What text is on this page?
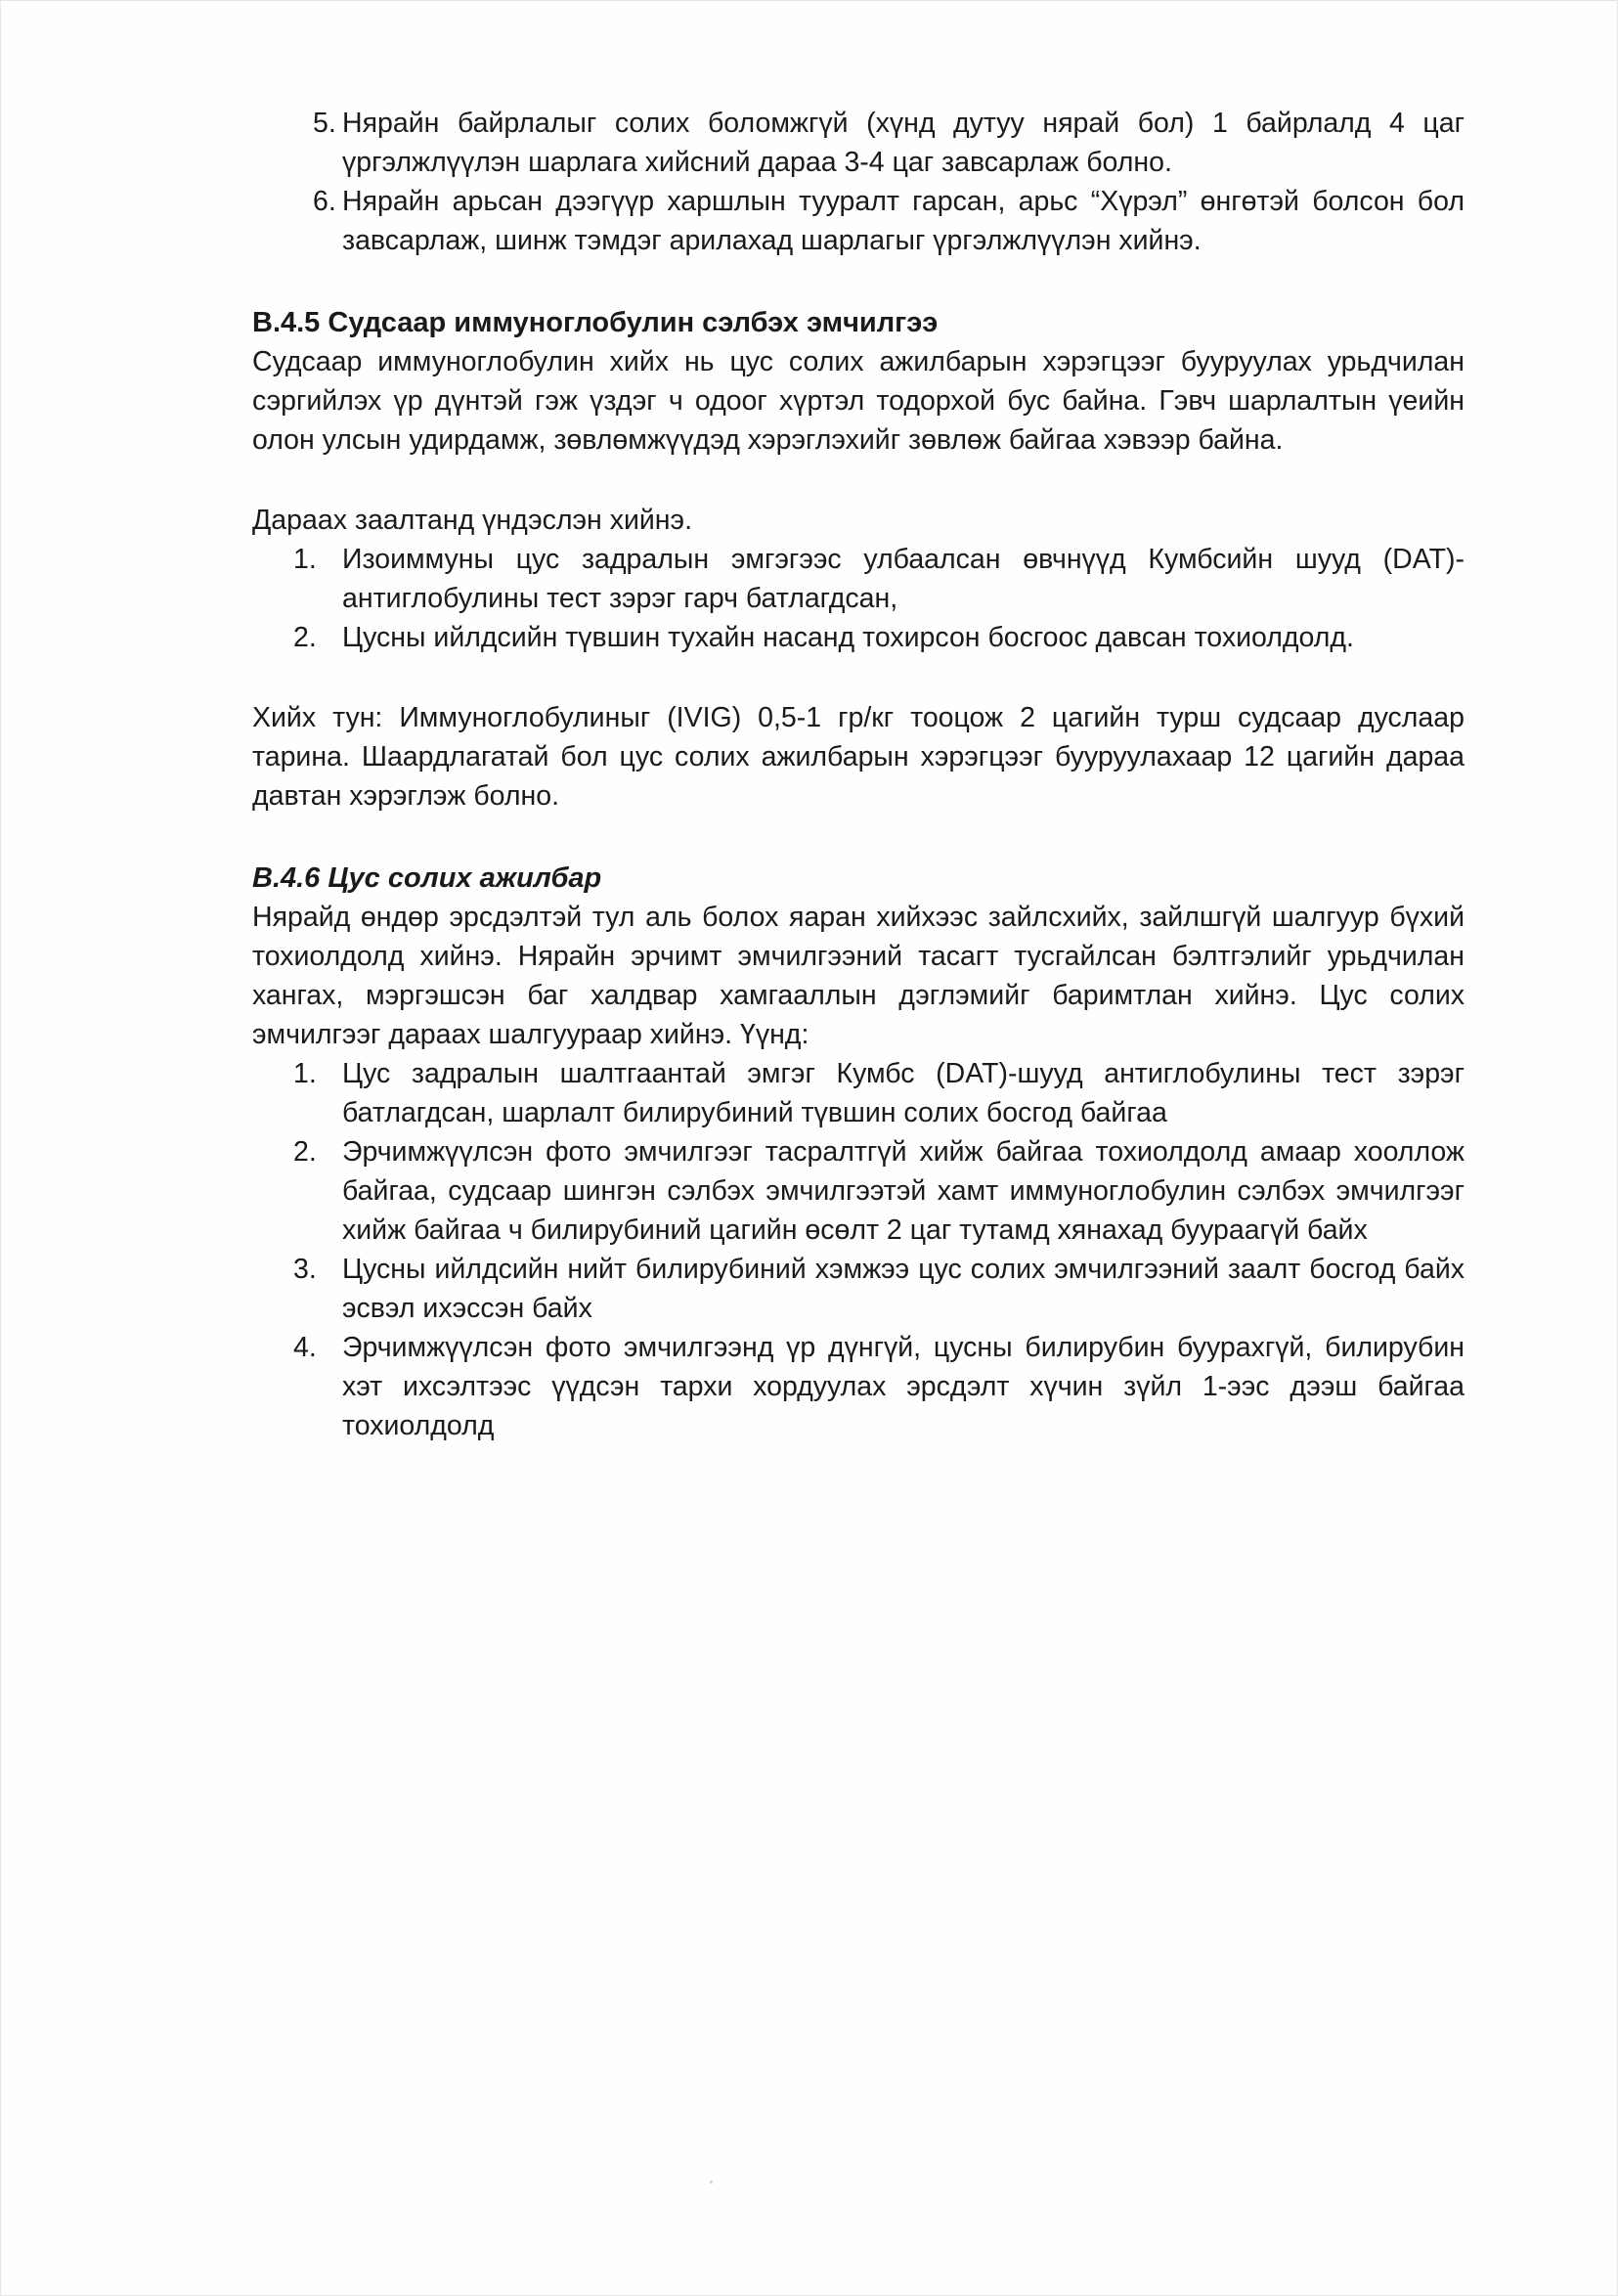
5. Нярайн байрлалыг солих боломжгүй (хүнд дутуу нярай бол) 1 байрлалд 4 цаг үргэлжлүүлэн шарлага хийсний дараа 3-4 цаг завсарлаж болно.
6. Нярайн арьсан дээгүүр харшлын тууралт гарсан, арьс “Хүрэл” өнгөтэй болсон бол завсарлаж, шинж тэмдэг арилахад шарлагыг үргэлжлүүлэн хийнэ.
B.4.5 Судсаар иммуноглобулин сэлбэх эмчилгээ

Судсаар иммуноглобулин хийх нь цус солих ажилбарын хэрэгцээг бууруулах урьдчилан сэргийлэх үр дүнтэй гэж үздэг ч одоог хүртэл тодорхой бус байна. Гэвч шарлалтын үеийн олон улсын удирдамж, зөвлөмжүүдэд хэрэглэхийг зөвлөж байгаа хэвээр байна.

Дараах заалтанд үндэслэн хийнэ.

1. Изоиммуны цус задралын эмгэгээс улбаалсан өвчнүүд Кумбсийн шууд (DAT)-антиглобулины тест зэрэг гарч батлагдсан,
2. Цусны ийлдсийн түвшин тухайн насанд тохирсон босгоос давсан тохиолдолд.

Хийх тун: Иммуноглобулиныг (IVIG) 0,5-1 гр/кг тооцож 2 цагийн турш судсаар дуслаар тарина. Шаардлагатай бол цус солих ажилбарын хэрэгцээг бууруулахаар 12 цагийн дараа давтан хэрэглэж болно.

B.4.6 Цус солих ажилбар

Нярайд өндөр эрсдэлтэй тул аль болох яаран хийхээс зайлсхийх, зайлшгүй шалгуур бүхий тохиолдолд хийнэ. Нярайн эрчимт эмчилгээний тасагт тусгайлсан бэлтгэлийг урьдчилан хангах, мэргэшсэн баг халдвар хамгааллын дэглэмийг баримтлан хийнэ. Цус солих эмчилгээг дараах шалгуураар хийнэ. Үүнд:

1. Цус задралын шалтгаантай эмгэг Кумбс (DAT)-шууд антиглобулины тест зэрэг батлагдсан, шарлалт билирубиний түвшин солих босгод байгаа
2. Эрчимжүүлсэн фото эмчилгээг тасралтгүй хийж байгаа тохиолдолд амаар хооллож байгаа, судсаар шингэн сэлбэх эмчилгээтэй хамт иммуноглобулин сэлбэх эмчилгээг хийж байгаа ч билирубиний цагийн өсөлт 2 цаг тутамд хянахад буураагүй байх
3. Цусны ийлдсийн нийт билирубиний хэмжээ цус солих эмчилгээний заалт босгод байх эсвэл ихэссэн байх
4. Эрчимжүүлсэн фото эмчилгээнд үр дүнгүй, цусны билирубин буурахгүй, билирубин хэт ихсэлтээс үүдсэн тархи хордуулах эрсдэлт хүчин зүйл 1-ээс дээш байгаа тохиолдолд
